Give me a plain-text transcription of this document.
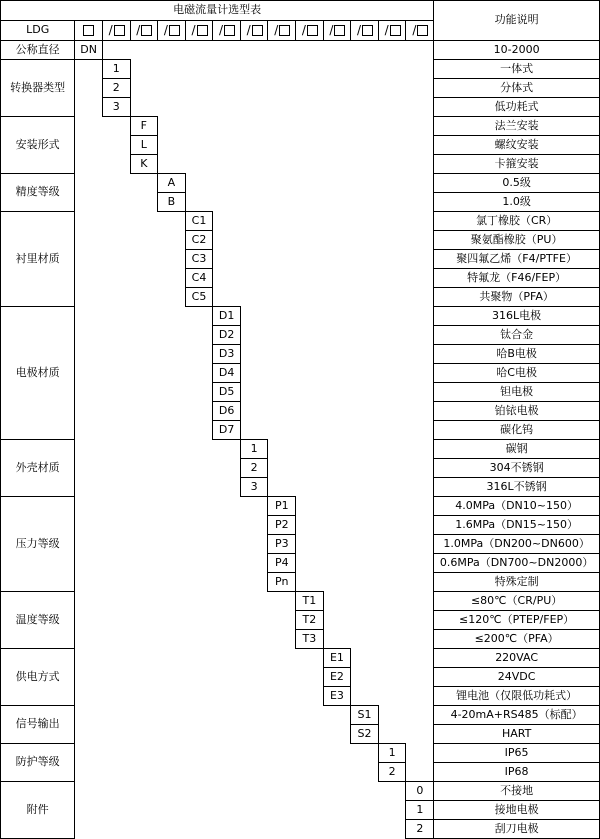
电磁流量计选型表														功能说明
LDG		/	/	/	/	/	/	/	/	/	/	/	/	
公称直径	DN													10-2000
转换器类型		1												一体式
		2												分体式
		3												低功耗式
安装形式			F											法兰安装
			L											螺纹安装
			K											卡箍安装
精度等级				A										0.5级
				B										1.0级
衬里材质					C1									氯丁橡胶（CR）
					C2									聚氨酯橡胶（PU）
					C3									聚四氟乙烯（F4/PTFE）
					C4									特氟龙（F46/FEP）
					C5									共聚物（PFA）
电极材质						D1								316L电极
						D2								钛合金
						D3								哈B电极
						D4								哈C电极
						D5								钽电极
						D6								铂铱电极
						D7								碳化钨
外壳材质							1							碳钢
							2							304不锈钢
							3							316L不锈钢
压力等级								P1						4.0MPa（DN10~150）
								P2						1.6MPa（DN15~150）
								P3						1.0MPa（DN200~DN600）
								P4						0.6MPa（DN700~DN2000）
								Pn						特殊定制
温度等级									T1					≤80℃（CR/PU）
									T2					≤120℃（PTEP/FEP）
									T3					≤200℃（PFA）
供电方式										E1				220VAC
										E2				24VDC
										E3				锂电池（仅限低功耗式）
信号输出											S1			4-20mA+RS485（标配）
											S2			HART
防护等级												1		IP65
												2		IP68
附件													0	不接地
													1	接地电极
													2	刮刀电极
